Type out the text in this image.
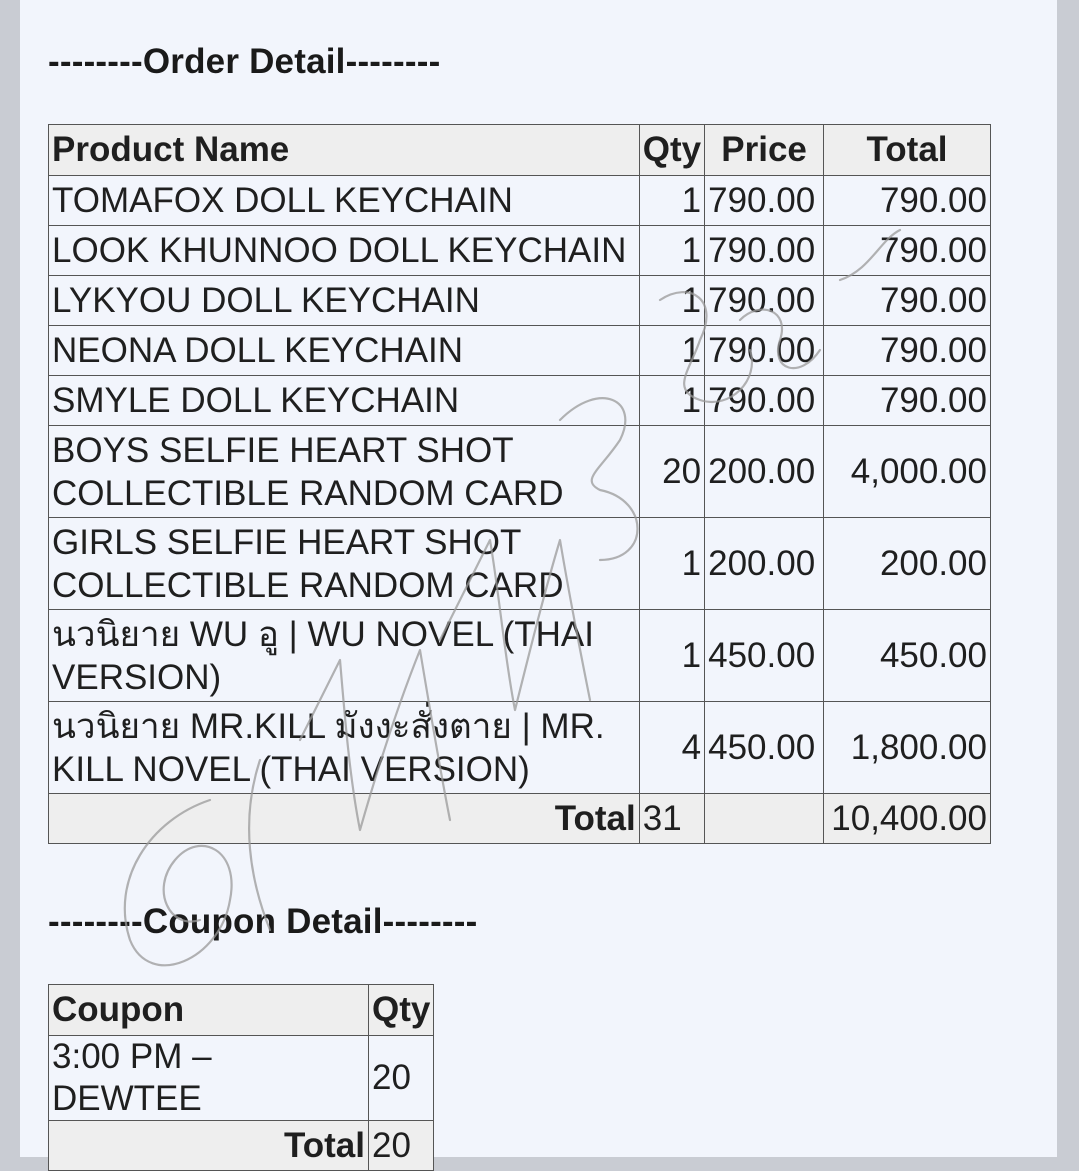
--------Order Detail--------
Product Name	Qty	Price	Total
TOMAFOX DOLL KEYCHAIN	1	790.00	790.00
LOOK KHUNNOO DOLL KEYCHAIN	1	790.00	790.00
LYKYOU DOLL KEYCHAIN	1	790.00	790.00
NEONA DOLL KEYCHAIN	1	790.00	790.00
SMYLE DOLL KEYCHAIN	1	790.00	790.00
BOYS SELFIE HEART SHOT COLLECTIBLE RANDOM CARD	20	200.00	4,000.00
GIRLS SELFIE HEART SHOT COLLECTIBLE RANDOM CARD	1	200.00	200.00
นวนิยาย WU อู | WU NOVEL (THAI VERSION)	1	450.00	450.00
นวนิยาย MR.KILL มังงะสั่งตาย | MR. KILL NOVEL (THAI VERSION)	4	450.00	1,800.00
Total	31		10,400.00
--------Coupon Detail--------
Coupon	Qty
3:00 PM – DEWTEE	20
Total	20
